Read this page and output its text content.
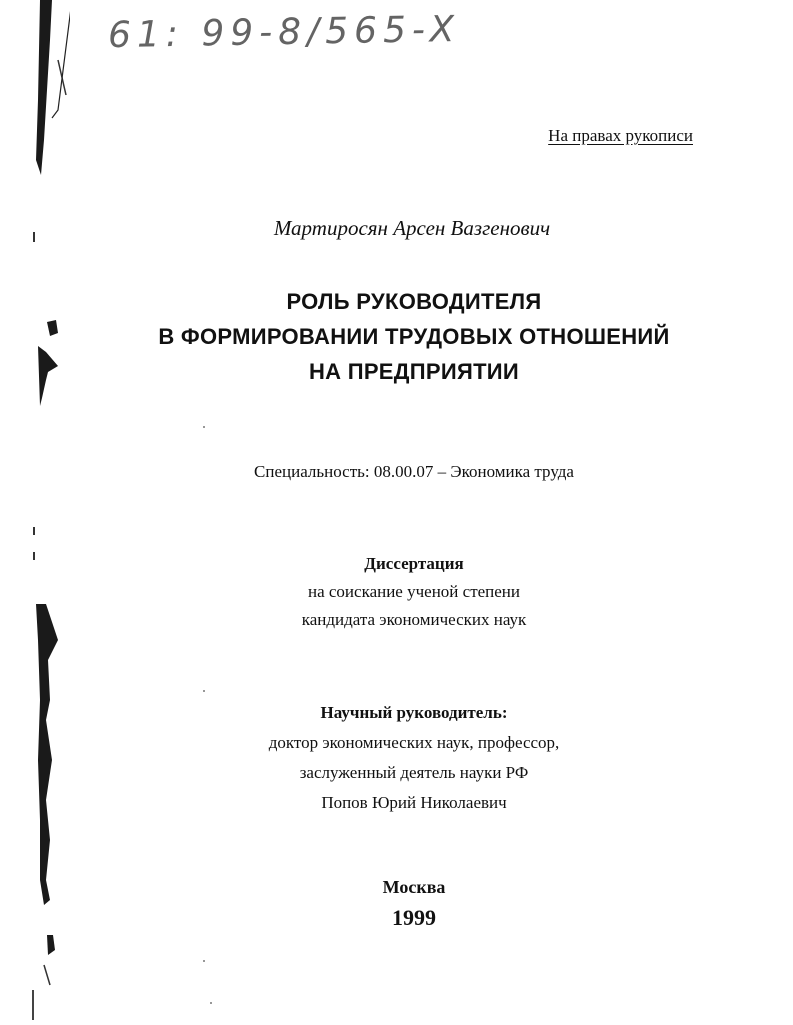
61: 99-8/565-X
На правах рукописи
Мартиросян Арсен Вазгенович
РОЛЬ РУКОВОДИТЕЛЯ
В ФОРМИРОВАНИИ ТРУДОВЫХ ОТНОШЕНИЙ
НА ПРЕДПРИЯТИИ
Специальность: 08.00.07 – Экономика труда
Диссертация
на соискание ученой степени
кандидата экономических наук
Научный руководитель:
доктор экономических наук, профессор,
заслуженный деятель науки РФ
Попов Юрий Николаевич
Москва
1999
